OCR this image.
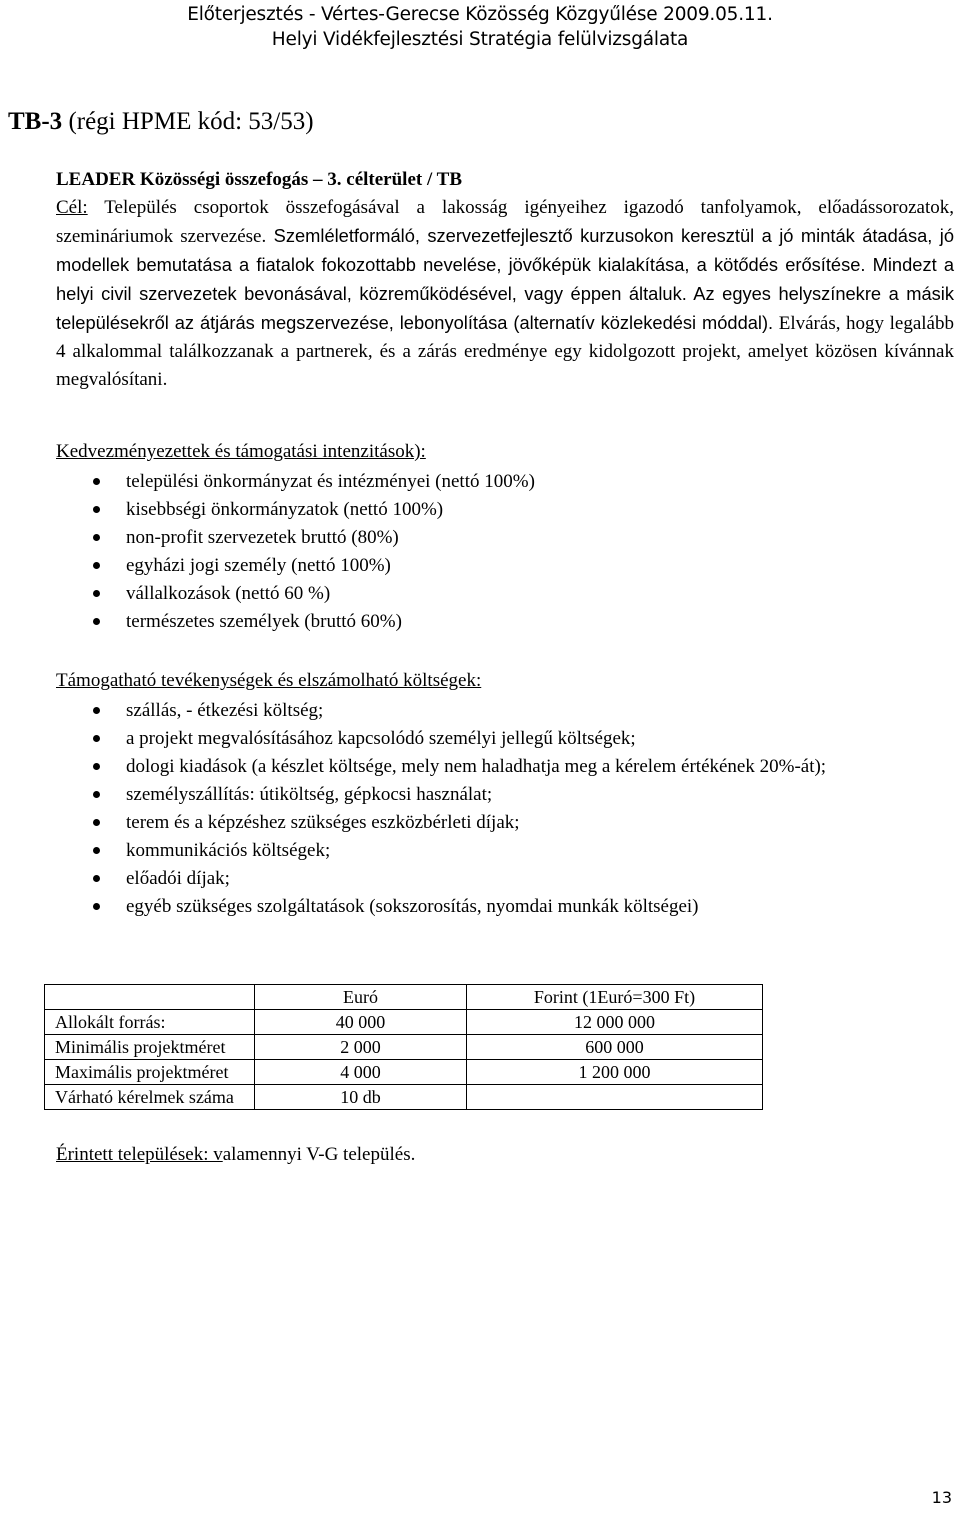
Előterjesztés - Vértes-Gerecse Közösség Közgyűlése 2009.05.11.
Helyi Vidékfejlesztési Stratégia felülvizsgálata
TB-3 (régi HPME kód: 53/53)
LEADER Közösségi összefogás – 3. célterület / TB
Cél: Település csoportok összefogásával a lakosság igényeihez igazodó tanfolyamok, előadássorozatok, szemináriumok szervezése. Szemléletformáló, szervezetfejlesztő kurzusokon keresztül a jó minták átadása, jó modellek bemutatása a fiatalok fokozottabb nevelése, jövőképük kialakítása, a kötődés erősítése. Mindezt a helyi civil szervezetek bevonásával, közreműködésével, vagy éppen általuk. Az egyes helyszínekre a másik településekről az átjárás megszervezése, lebonyolítása (alternatív közlekedési móddal). Elvárás, hogy legalább 4 alkalommal találkozzanak a partnerek, és a zárás eredménye egy kidolgozott projekt, amelyet közösen kívánnak megvalósítani.
Kedvezményezettek és támogatási intenzitások):
települési önkormányzat és intézményei (nettó 100%)
kisebbségi önkormányzatok (nettó 100%)
non-profit szervezetek bruttó (80%)
egyházi jogi személy (nettó 100%)
vállalkozások (nettó 60 %)
természetes személyek (bruttó 60%)
Támogatható tevékenységek és elszámolható költségek:
szállás, - étkezési költség;
a projekt megvalósításához kapcsolódó személyi jellegű költségek;
dologi kiadások (a készlet költsége, mely nem haladhatja meg a kérelem értékének 20%-át);
személyszállítás: útiköltség, gépkocsi használat;
terem és a képzéshez szükséges eszközbérleti díjak;
kommunikációs költségek;
előadói díjak;
egyéb szükséges szolgáltatások (sokszorosítás, nyomdai munkák költségei)
	Euró	Forint (1Euró=300 Ft)
Allokált forrás:	40 000	12 000 000
Minimális projektméret	2 000	600 000
Maximális projektméret	4 000	1 200 000
Várható kérelmek száma	10 db	
Érintett települések: valamennyi V-G település.
13
